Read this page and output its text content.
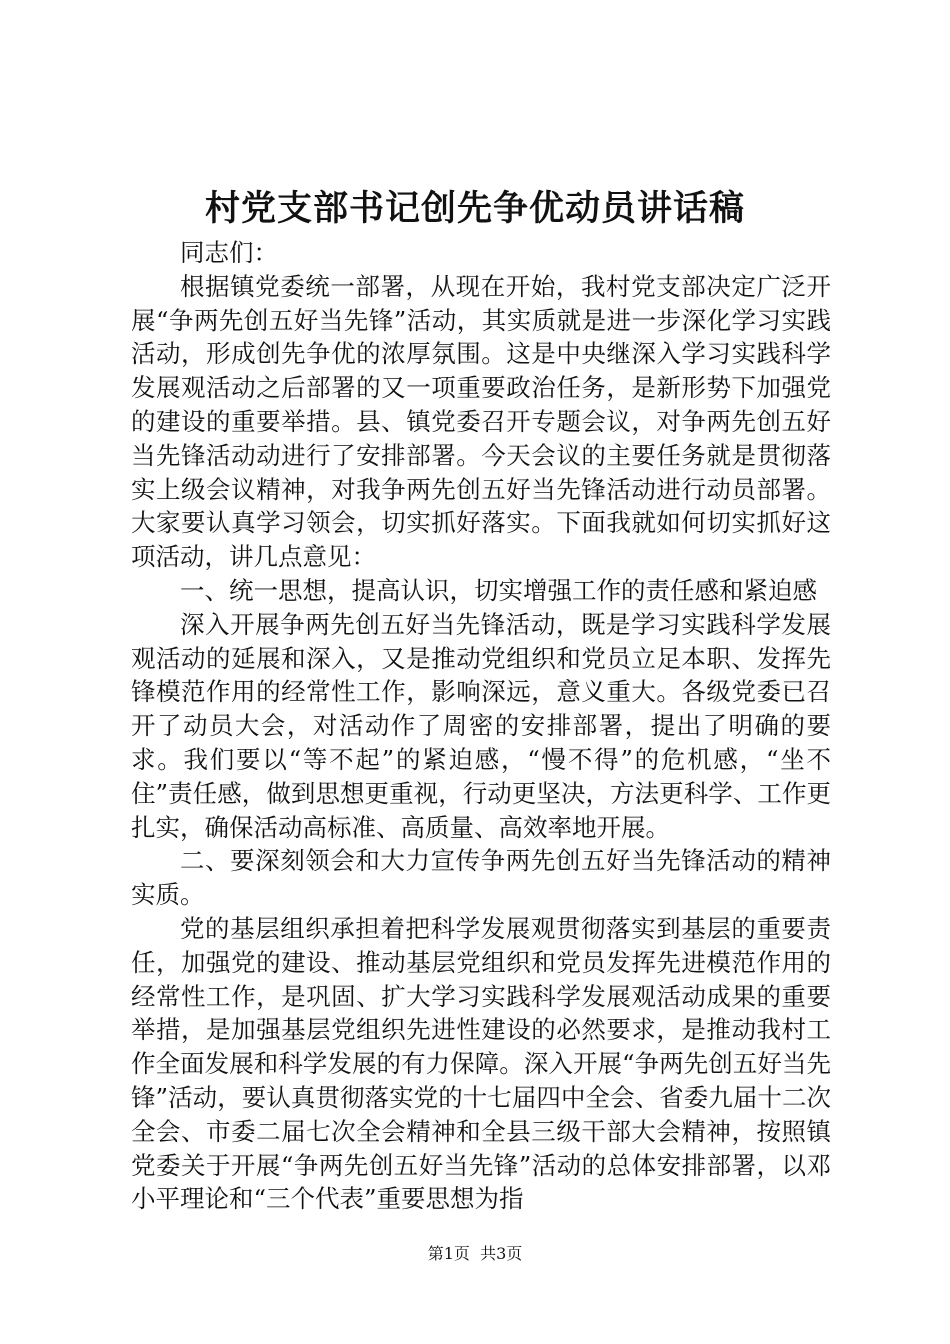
村党支部书记创先争优动员讲话稿

同志们：

根据镇党委统一部署，从现在开始，我村党支部决定广泛开展“争两先创五好当先锋”活动，其实质就是进一步深化学习实践活动，形成创先争优的浓厚氛围。这是中央继深入学习实践科学发展观活动之后部署的又一项重要政治任务，是新形势下加强党的建设的重要举措。县、镇党委召开专题会议，对争两先创五好当先锋活动动进行了安排部署。今天会议的主要任务就是贯彻落实上级会议精神，对我争两先创五好当先锋活动进行动员部署。大家要认真学习领会，切实抓好落实。下面我就如何切实抓好这项活动，讲几点意见：

一、统一思想，提高认识，切实增强工作的责任感和紧迫感

深入开展争两先创五好当先锋活动，既是学习实践科学发展观活动的延展和深入，又是推动党组织和党员立足本职、发挥先锋模范作用的经常性工作，影响深远，意义重大。各级党委已召开了动员大会，对活动作了周密的安排部署，提出了明确的要求。我们要以“等不起”的紧迫感，“慢不得”的危机感，“坐不住”责任感，做到思想更重视，行动更坚决，方法更科学、工作更扎实，确保活动高标准、高质量、高效率地开展。

二、要深刻领会和大力宣传争两先创五好当先锋活动的精神实质。

党的基层组织承担着把科学发展观贯彻落实到基层的重要责任，加强党的建设、推动基层党组织和党员发挥先进模范作用的经常性工作，是巩固、扩大学习实践科学发展观活动成果的重要举措，是加强基层党组织先进性建设的必然要求，是推动我村工作全面发展和科学发展的有力保障。深入开展“争两先创五好当先锋”活动，要认真贯彻落实党的十七届四中全会、省委九届十二次全会、市委二届七次全会精神和全县三级干部大会精神，按照镇党委关于开展“争两先创五好当先锋”活动的总体安排部署，以邓小平理论和“三个代表”重要思想为指

第1页 共3页
